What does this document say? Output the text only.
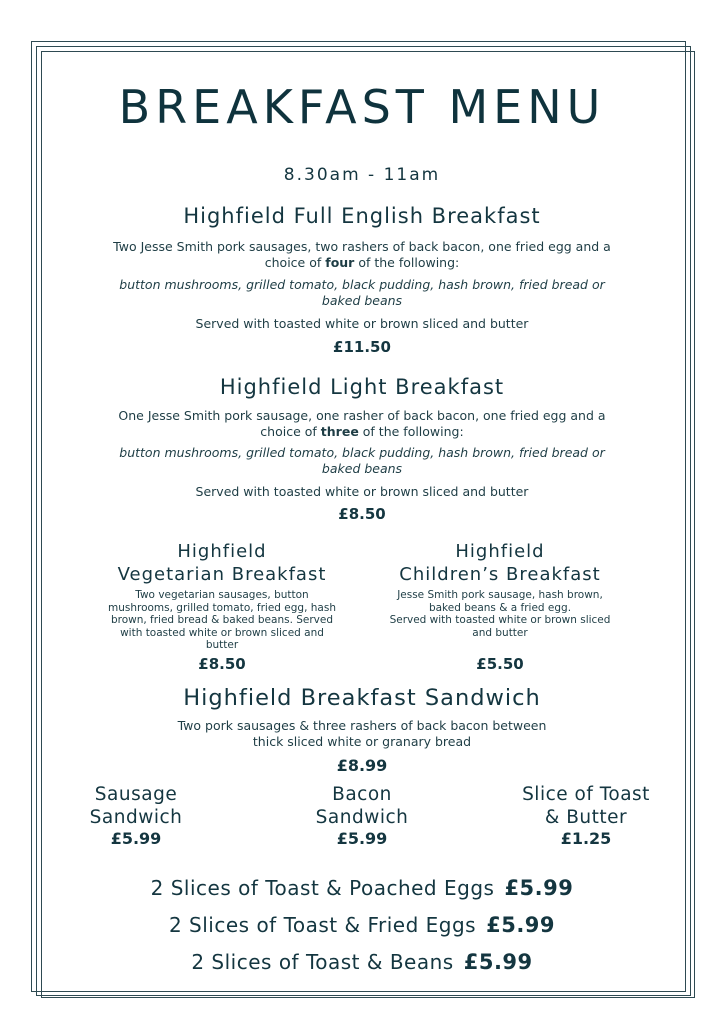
BREAKFAST MENU
8.30am - 11am
Highfield Full English Breakfast
Two Jesse Smith pork sausages, two rashers of back bacon, one fried egg and a
choice of four of the following:
button mushrooms, grilled tomato, black pudding, hash brown, fried bread or
baked beans
Served with toasted white or brown sliced and butter
£11.50
Highfield Light Breakfast
One Jesse Smith pork sausage, one rasher of back bacon, one fried egg and a
choice of three of the following:
button mushrooms, grilled tomato, black pudding, hash brown, fried bread or
baked beans
Served with toasted white or brown sliced and butter
£8.50
Highfield
Vegetarian Breakfast
Two vegetarian sausages, button
mushrooms, grilled tomato, fried egg, hash
brown, fried bread & baked beans. Served
with toasted white or brown sliced and
butter
£8.50
Highfield
Children’s Breakfast
Jesse Smith pork sausage, hash brown,
baked beans & a fried egg.
Served with toasted white or brown sliced
and butter
£5.50
Highfield Breakfast Sandwich
Two pork sausages & three rashers of back bacon between
thick sliced white or granary bread
£8.99
Sausage
Sandwich
£5.99
Bacon
Sandwich
£5.99
Slice of Toast
& Butter
£1.25
2 Slices of Toast & Poached Eggs £5.99
2 Slices of Toast & Fried Eggs £5.99
2 Slices of Toast & Beans £5.99
